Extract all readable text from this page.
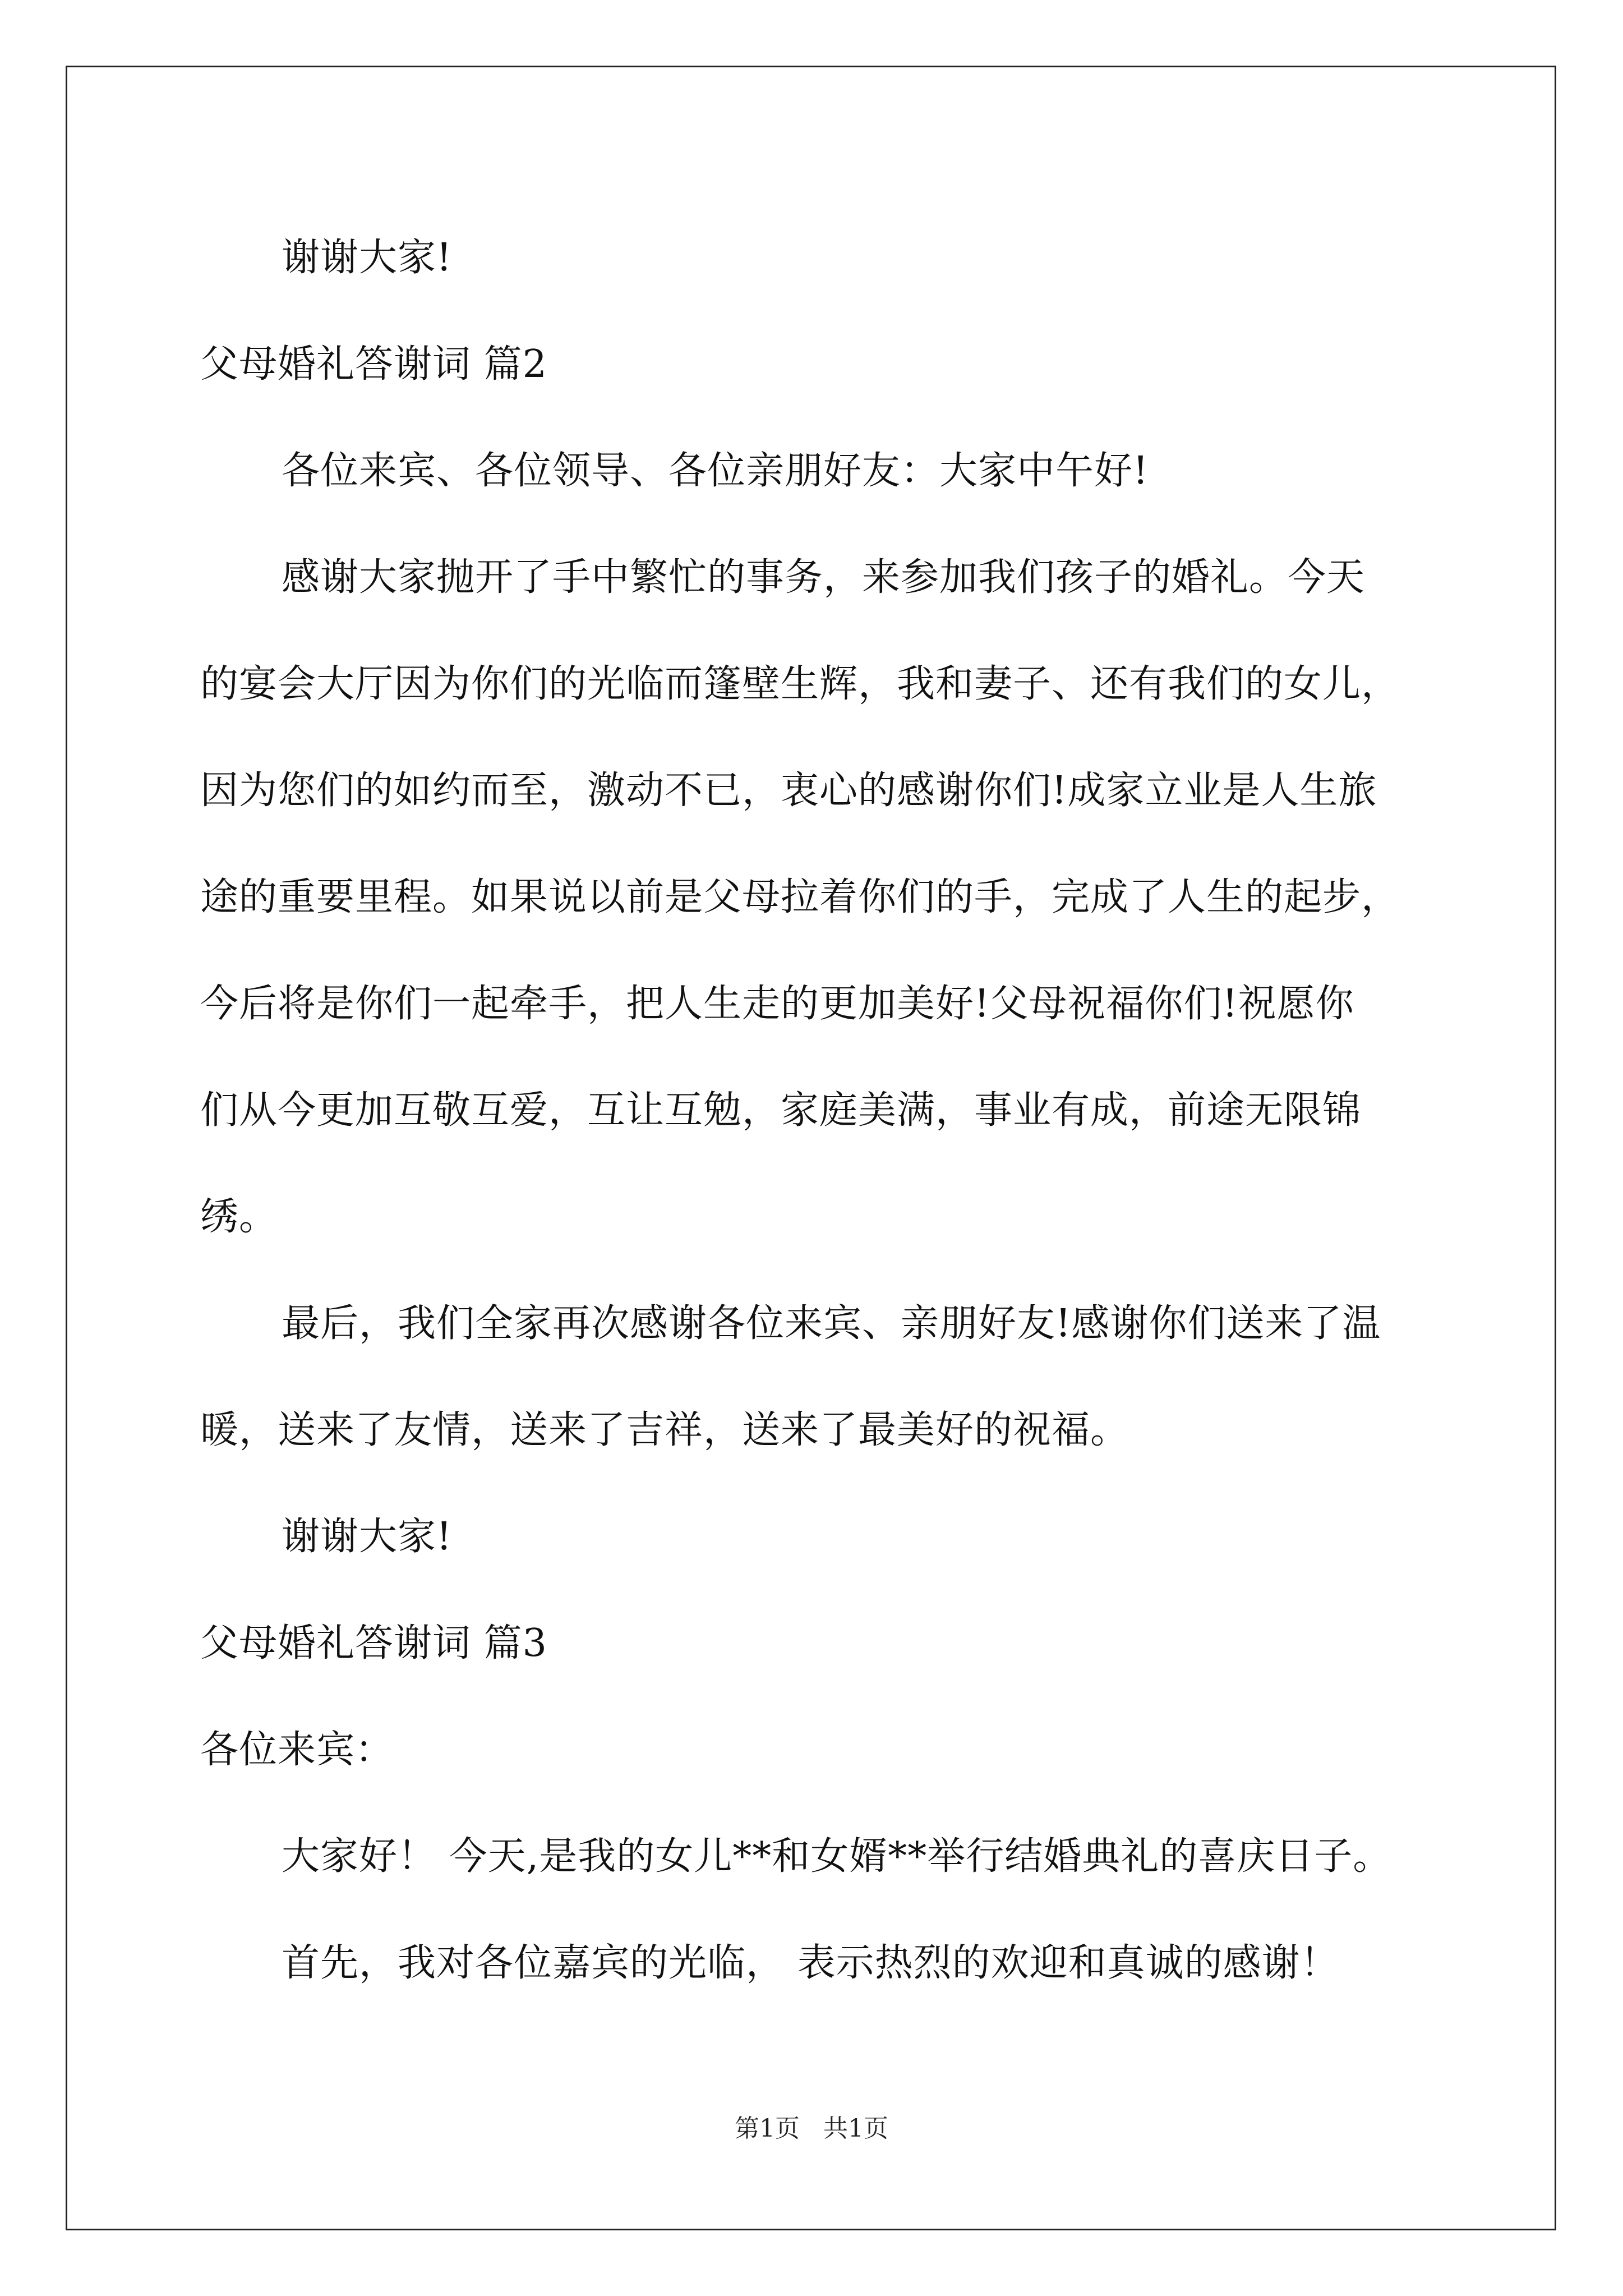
谢谢大家!
父母婚礼答谢词 篇2
各位来宾、各位领导、各位亲朋好友：大家中午好!
感谢大家抛开了手中繁忙的事务，来参加我们孩子的婚礼。今天
的宴会大厅因为你们的光临而篷壁生辉，我和妻子、还有我们的女儿，
因为您们的如约而至，激动不已，衷心的感谢你们!成家立业是人生旅
途的重要里程。如果说以前是父母拉着你们的手，完成了人生的起步，
今后将是你们一起牵手，把人生走的更加美好!父母祝福你们!祝愿你
们从今更加互敬互爱，互让互勉，家庭美满，事业有成，前途无限锦
绣。
最后，我们全家再次感谢各位来宾、亲朋好友!感谢你们送来了温
暖，送来了友情，送来了吉祥，送来了最美好的祝福。
谢谢大家!
父母婚礼答谢词 篇3
各位来宾：
大家好！ 今天,是我的女儿**和女婿**举行结婚典礼的喜庆日子。
首先，我对各位嘉宾的光临， 表示热烈的欢迎和真诚的感谢！
第1页 共1页
